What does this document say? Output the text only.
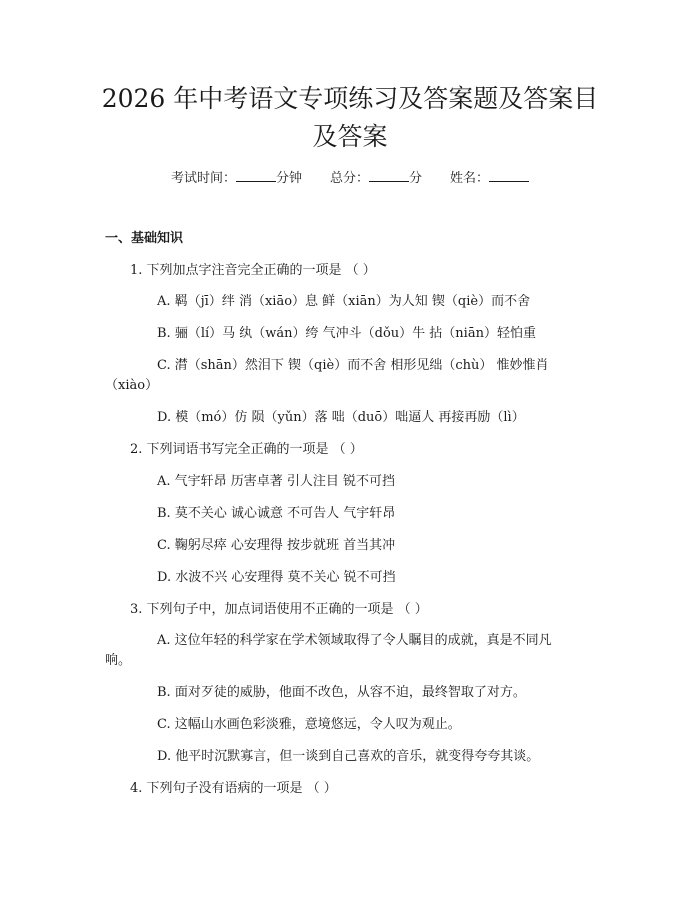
2026 年中考语文专项练习及答案题及答案目
及答案
考试时间：	分钟 总分：	分 姓名：
一、基础知识
1. 下列加点字注音完全正确的一项是 （ ）
A. 羁（jī）绊 消（xiāo）息 鲜（xiān）为人知 锲（qiè）而不舍
B. 骊（lí）马 纨（wán）绔 气冲斗（dǒu）牛 拈（niān）轻怕重
C. 潸（shān）然泪下 锲（qiè）而不舍 相形见绌（chù） 惟妙惟肖
（xiào）
D. 模（mó）仿 陨（yǔn）落 咄（duō）咄逼人 再接再励（lì）
2. 下列词语书写完全正确的一项是 （ ）
A. 气宇轩昂 历害卓著 引人注目 锐不可挡
B. 莫不关心 诚心诚意 不可告人 气宇轩昂
C. 鞠躬尽瘁 心安理得 按步就班 首当其冲
D. 水波不兴 心安理得 莫不关心 锐不可挡
3. 下列句子中，加点词语使用不正确的一项是 （ ）
A. 这位年轻的科学家在学术领域取得了令人瞩目的成就，真是不同凡
响。
B. 面对歹徒的威胁，他面不改色，从容不迫，最终智取了对方。
C. 这幅山水画色彩淡雅，意境悠远，令人叹为观止。
D. 他平时沉默寡言，但一谈到自己喜欢的音乐，就变得夸夸其谈。
4. 下列句子没有语病的一项是 （ ）
